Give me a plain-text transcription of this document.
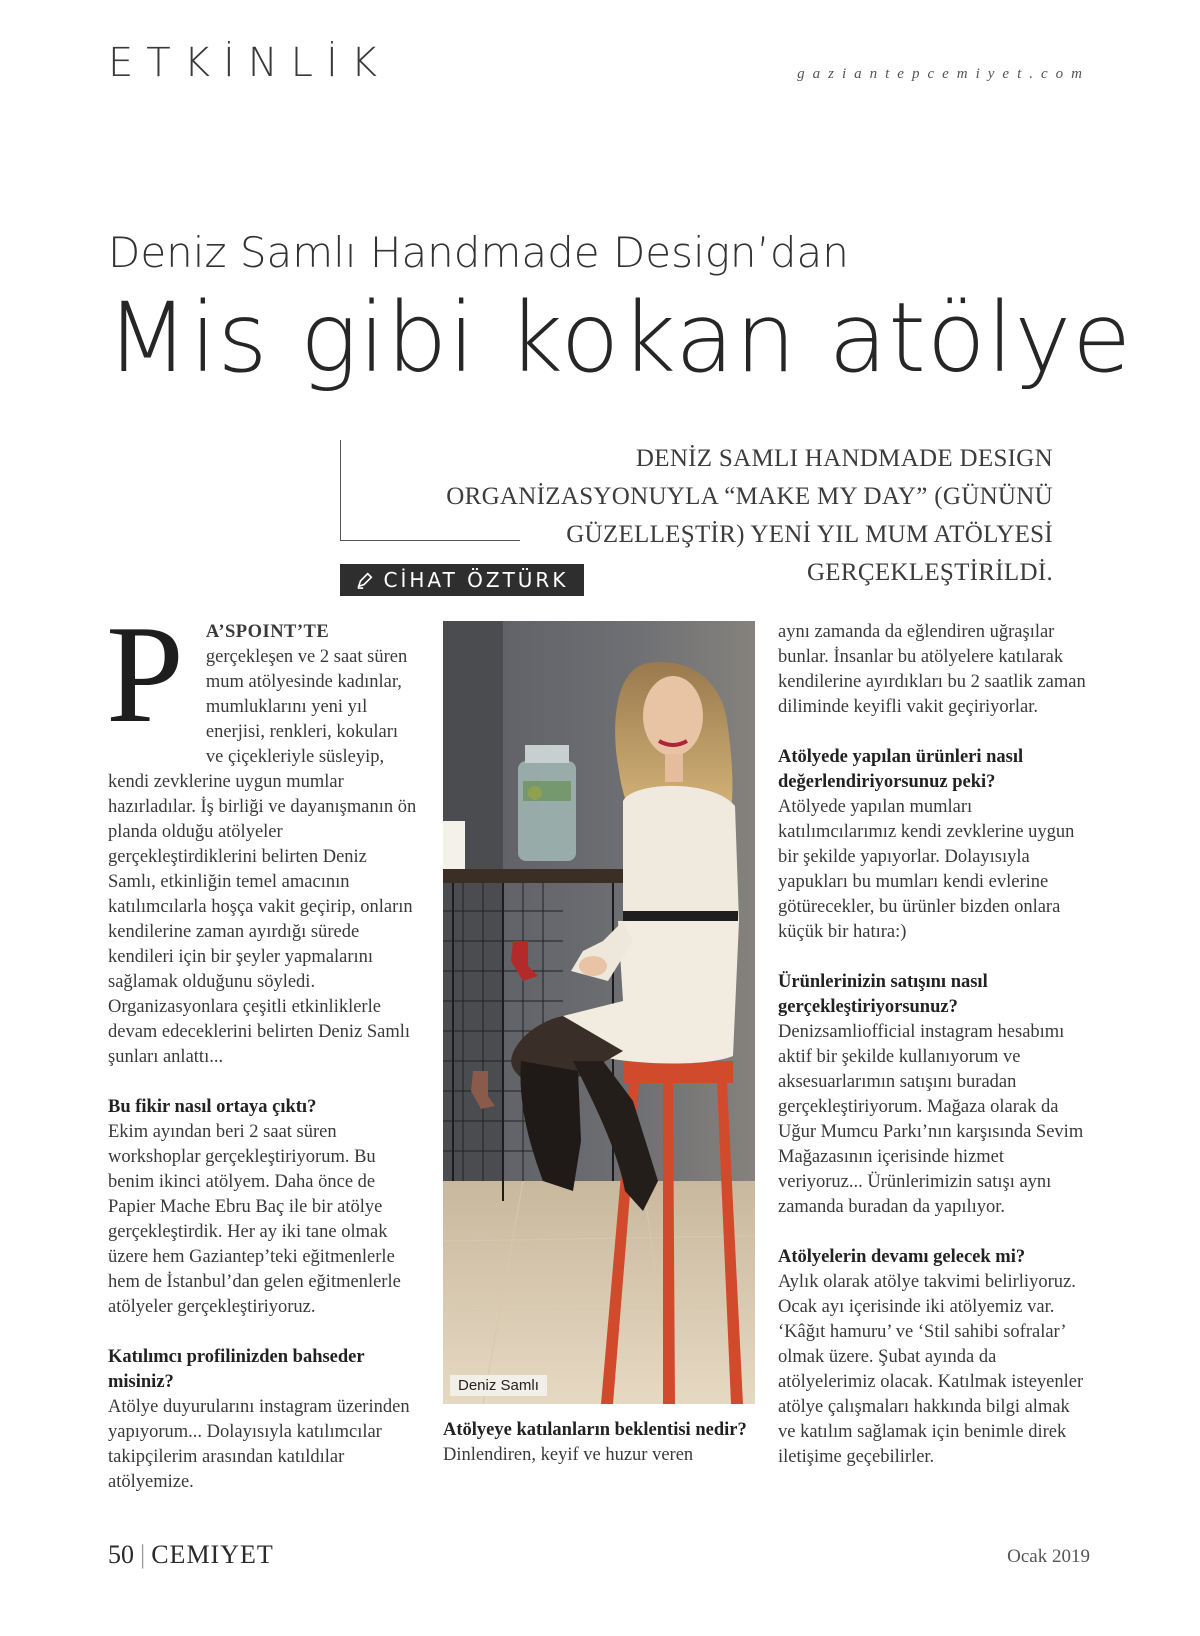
ETKİNLİK	gaziantepcemiyet.com
Deniz Samlı Handmade Design’dan
Mis gibi kokan atölye

DENİZ SAMLI HANDMADE DESIGN ORGANİZASYONUYLA “MAKE MY DAY” (GÜNÜNÜ GÜZELLEŞTİR) YENİ YIL MUM ATÖLYESİ GERÇEKLEŞTİRİLDİ.

CİHAT ÖZTÜRK

P A’SPOINT’TE gerçekleşen ve 2 saat süren mum atölyesinde kadınlar, mumluklarını yeni yıl enerjisi, renkleri, kokuları ve çiçekleriyle süsleyip, kendi zevklerine uygun mumlar hazırladılar. İş birliği ve dayanışmanın ön planda olduğu atölyeler gerçekleştirdiklerini belirten Deniz Samlı, etkinliğin temel amacının katılımcılarla hoşça vakit geçirip, onların kendilerine zaman ayırdığı sürede kendileri için bir şeyler yapmalarını sağlamak olduğunu söyledi. Organizasyonlara çeşitli etkinliklerle devam edeceklerini belirten Deniz Samlı şunları anlattı...

Bu fikir nasıl ortaya çıktı?

Ekim ayından beri 2 saat süren workshoplar gerçekleştiriyorum. Bu benim ikinci atölyem. Daha önce de Papier Mache Ebru Baç ile bir atölye gerçekleştirdik. Her ay iki tane olmak üzere hem Gaziantep’teki eğitmenlerle hem de İstanbul’dan gelen eğitmenlerle atölyeler gerçekleştiriyoruz.

Katılımcı profilinizden bahseder misiniz?

Atölye duyurularını instagram üzerinden yapıyorum... Dolayısıyla katılımcılar takipçilerim arasından katıldılar atölyemize.

Deniz Samlı
Atölyeye katılanların beklentisi nedir?

Dinlendiren, keyif ve huzur veren

aynı zamanda da eğlendiren uğraşılar bunlar. İnsanlar bu atölyelere katılarak kendilerine ayırdıkları bu 2 saatlik zaman diliminde keyifli vakit geçiriyorlar.

Atölyede yapılan ürünleri nasıl değerlendiriyorsunuz peki?

Atölyede yapılan mumları katılımcılarımız kendi zevklerine uygun bir şekilde yapıyorlar. Dolayısıyla yapukları bu mumları kendi evlerine götürecekler, bu ürünler bizden onlara küçük bir hatıra:)

Ürünlerinizin satışını nasıl gerçekleştiriyorsunuz?

Denizsamliofficial instagram hesabımı aktif bir şekilde kullanıyorum ve aksesuarlarımın satışını buradan gerçekleştiriyorum. Mağaza olarak da Uğur Mumcu Parkı’nın karşısında Sevim Mağazasının içerisinde hizmet veriyoruz... Ürünlerimizin satışı aynı zamanda buradan da yapılıyor.

Atölyelerin devamı gelecek mi?

Aylık olarak atölye takvimi belirliyoruz. Ocak ayı içerisinde iki atölyemiz var. ‘Kâğıt hamuru’ ve ‘Stil sahibi sofralar’ olmak üzere. Şubat ayında da atölyelerimiz olacak. Katılmak isteyenler atölye çalışmaları hakkında bilgi almak ve katılım sağlamak için benimle direk iletişime geçebilirler.

50 | CEMIYET	Ocak 2019
